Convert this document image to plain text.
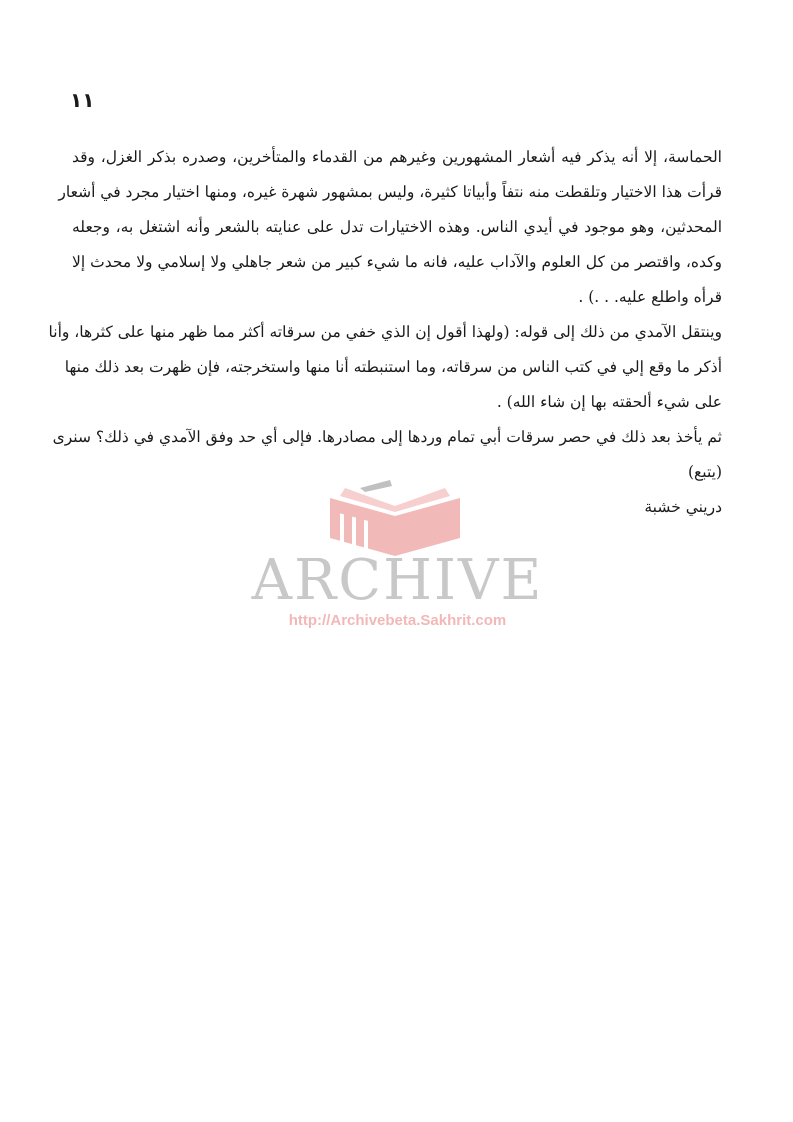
١١
الحماسة، إلا أنه يذكر فيه أشعار المشهورين وغيرهم من القدماء والمتأخرين، وصدره بذكر الغزل، وقد
قرأت هذا الاختيار وتلقطت منه نتفاً وأبياتا كثيرة، وليس بمشهور شهرة غيره، ومنها اختيار مجرد في أشعار
المحدثين، وهو موجود في أيدي الناس. وهذه الاختيارات تدل على عنايته بالشعر وأنه اشتغل به، وجعله
وكده، واقتصر من كل العلوم والآداب عليه، فانه ما شيء كبير من شعر جاهلي ولا إسلامي ولا محدث إلا
قرأه واطلع عليه. . .) .
وينتقل الآمدي من ذلك إلى قوله: (ولهذا أقول إن الذي خفي من سرقاته أكثر مما ظهر منها على كثرها، وأنا
أذكر ما وقع إلي في كتب الناس من سرقاته، وما استنبطته أنا منها واستخرجته، فإن ظهرت بعد ذلك منها
على شيء ألحقته بها إن شاء الله) .
ثم يأخذ بعد ذلك في حصر سرقات أبي تمام وردها إلى مصادرها. فإلى أي حد وفق الآمدي في ذلك؟ سنرى
(يتبع)
دريني خشبة
ARCHIVE
http://Archivebeta.Sakhrit.com
